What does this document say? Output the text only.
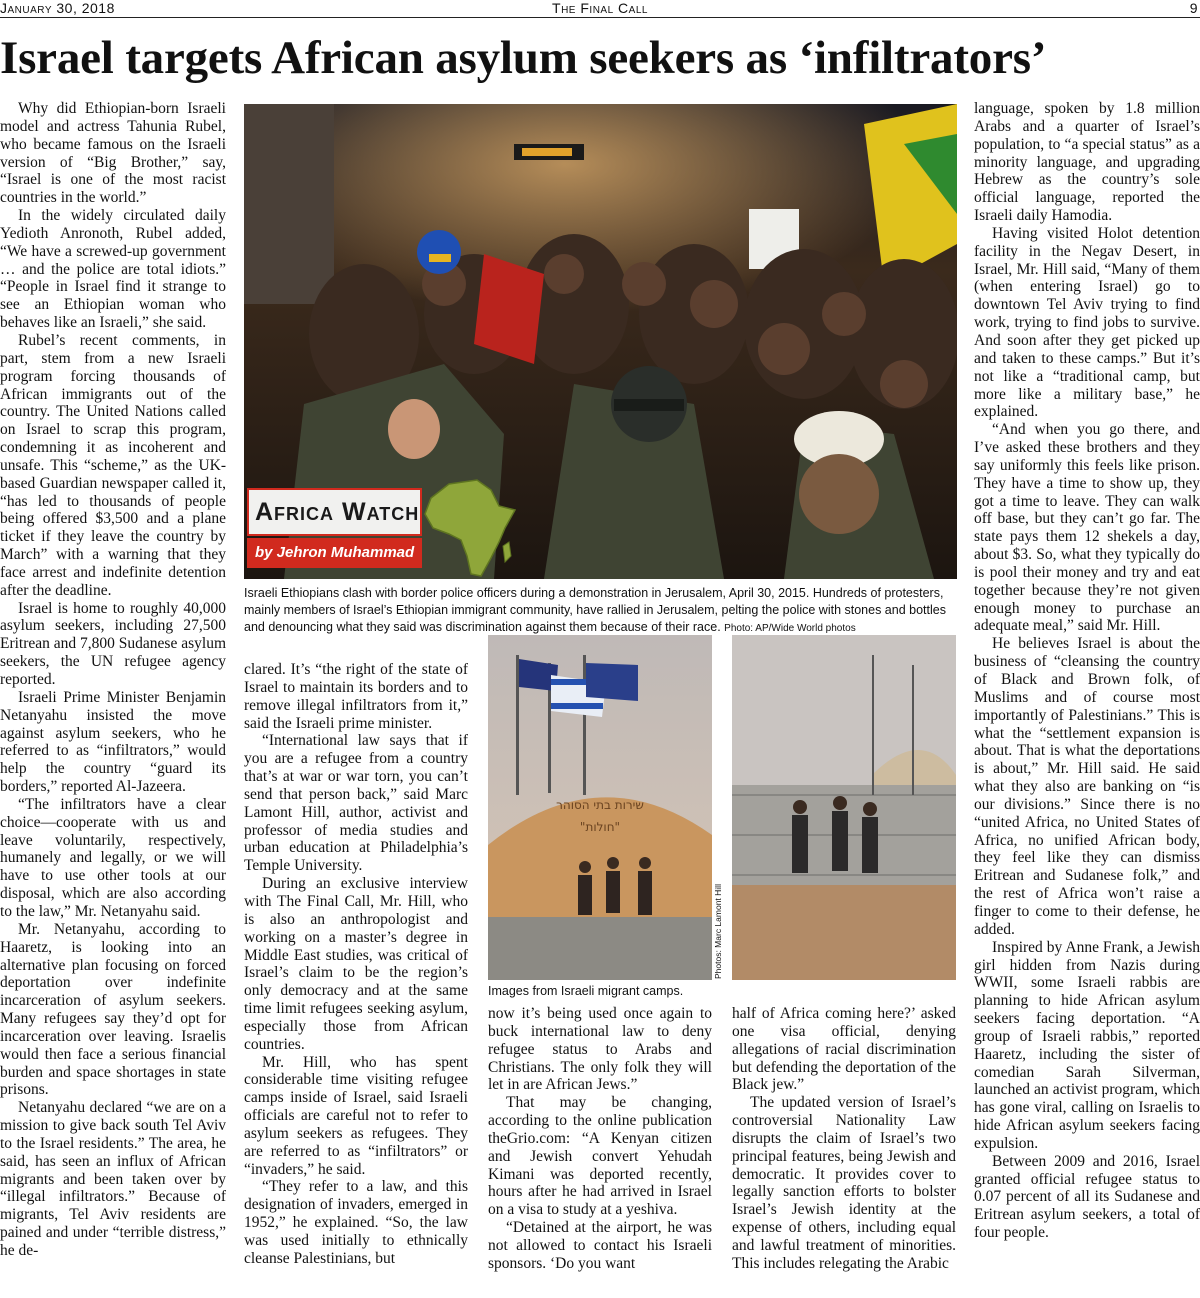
January 30, 2018	The Final Call	9
Israel targets African asylum seekers as ‘infiltrators’

Why did Ethiopian-born Israeli model and actress Tahunia Rubel, who became famous on the Israeli version of “Big Brother,” say, “Israel is one of the most racist countries in the world.”

In the widely circulated daily Yedioth Anronoth, Rubel added, “We have a screwed-up government … and the police are total idiots.” “People in Israel find it strange to see an Ethiopian woman who behaves like an Israeli,” she said.

Rubel’s recent comments, in part, stem from a new Israeli program forcing thousands of African immigrants out of the country. The United Nations called on Israel to scrap this program, condemning it as incoherent and unsafe. This “scheme,” as the UK-based Guardian newspaper called it, “has led to thousands of people being offered $3,500 and a plane ticket if they leave the country by March” with a warning that they face arrest and indefinite detention after the deadline.

Israel is home to roughly 40,000 asylum seekers, including 27,500 Eritrean and 7,800 Sudanese asylum seekers, the UN refugee agency reported.

Israeli Prime Minister Benjamin Netanyahu insisted the move against asylum seekers, who he referred to as “infiltrators,” would help the country “guard its borders,” reported Al-Jazeera.

“The infiltrators have a clear choice—cooperate with us and leave voluntarily, respectively, humanely and legally, or we will have to use other tools at our disposal, which are also according to the law,” Mr. Netanyahu said.

Mr. Netanyahu, according to Haaretz, is looking into an alternative plan focusing on forced deportation over indefinite incarceration of asylum seekers. Many refugees say they’d opt for incarceration over leaving. Israelis would then face a serious financial burden and space shortages in state prisons.

Netanyahu declared “we are on a mission to give back south Tel Aviv to the Israel residents.” The area, he said, has seen an influx of African migrants and been taken over by “illegal infiltrators.” Because of migrants, Tel Aviv residents are pained and under “terrible distress,” he de-

Africa Watch
by Jehron Muhammad
Israeli Ethiopians clash with border police officers during a demonstration in Jerusalem, April 30, 2015. Hundreds of protesters, mainly members of Israel’s Ethiopian immigrant community, have rallied in Jerusalem, pelting the police with stones and bottles and denouncing what they said was discrimination against them because of their race. Photo: AP/Wide World photos

clared. It’s “the right of the state of Israel to maintain its borders and to remove illegal infiltrators from it,” said the Israeli prime minister.

“International law says that if you are a refugee from a country that’s at war or war torn, you can’t send that person back,” said Marc Lamont Hill, author, activist and professor of media studies and urban education at Philadelphia’s Temple University.

During an exclusive interview with The Final Call, Mr. Hill, who is also an anthropologist and working on a master’s degree in Middle East studies, was critical of Israel’s claim to be the region’s only democracy and at the same time limit refugees seeking asylum, especially those from African countries.

Mr. Hill, who has spent considerable time visiting refugee camps inside of Israel, said Israeli officials are careful not to refer to asylum seekers as refugees. They are referred to as “infiltrators” or “invaders,” he said.

“They refer to a law, and this designation of invaders, emerged in 1952,” he explained. “So, the law was used initially to ethnically cleanse Palestinians, but

שירות בתי הסוהר
"חולות"
Photos: Marc Lamont Hill
Images from Israeli migrant camps.

now it’s being used once again to buck international law to deny refugee status to Arabs and Christians. The only folk they will let in are African Jews.”

That may be changing, according to the online publication theGrio.com: “A Kenyan citizen and Jewish convert Yehudah Kimani was deported recently, hours after he had arrived in Israel on a visa to study at a yeshiva.

“Detained at the airport, he was not allowed to contact his Israeli sponsors. ‘Do you want

half of Africa coming here?’ asked one visa official, denying allegations of racial discrimination but defending the deportation of the Black jew.”

The updated version of Israel’s controversial Nationality Law disrupts the claim of Israel’s two principal features, being Jewish and democratic. It provides cover to legally sanction efforts to bolster Israel’s Jewish identity at the expense of others, including equal and lawful treatment of minorities. This includes relegating the Arabic

language, spoken by 1.8 million Arabs and a quarter of Israel’s population, to “a special status” as a minority language, and upgrading Hebrew as the country’s sole official language, reported the Israeli daily Hamodia.

Having visited Holot detention facility in the Negav Desert, in Israel, Mr. Hill said, “Many of them (when entering Israel) go to downtown Tel Aviv trying to find work, trying to find jobs to survive. And soon after they get picked up and taken to these camps.” But it’s not like a “traditional camp, but more like a military base,” he explained.

“And when you go there, and I’ve asked these brothers and they say uniformly this feels like prison. They have a time to show up, they got a time to leave. They can walk off base, but they can’t go far. The state pays them 12 shekels a day, about $3. So, what they typically do is pool their money and try and eat together because they’re not given enough money to purchase an adequate meal,” said Mr. Hill.

He believes Israel is about the business of “cleansing the country of Black and Brown folk, of Muslims and of course most importantly of Palestinians.” This is what the “settlement expansion is about. That is what the deportations is about,” Mr. Hill said. He said what they also are banking on “is our divisions.” Since there is no “united Africa, no United States of Africa, no unified African body, they feel like they can dismiss Eritrean and Sudanese folk,” and the rest of Africa won’t raise a finger to come to their defense, he added.

Inspired by Anne Frank, a Jewish girl hidden from Nazis during WWII, some Israeli rabbis are planning to hide African asylum seekers facing deportation. “A group of Israeli rabbis,” reported Haaretz, including the sister of comedian Sarah Silverman, launched an activist program, which has gone viral, calling on Israelis to hide African asylum seekers facing expulsion.

Between 2009 and 2016, Israel granted official refugee status to 0.07 percent of all its Sudanese and Eritrean asylum seekers, a total of four people.
